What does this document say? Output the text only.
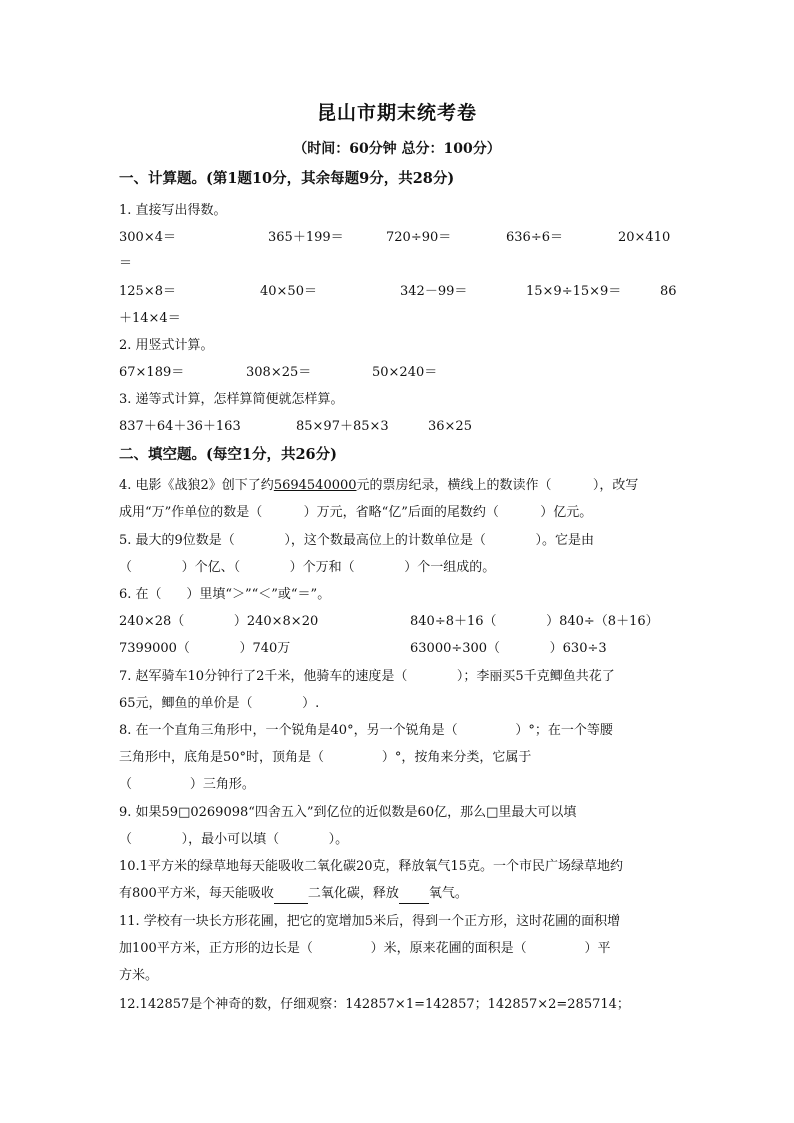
昆山市期末统考卷
（时间：60分钟 总分：100分）
一、计算题。(第1题10分，其余每题9分，共28分)
1. 直接写出得数。
300×4＝	365＋199＝	720÷90＝	636÷6＝	20×410
＝
125×8＝	40×50＝	342－99＝	15×9÷15×9＝	86
＋14×4＝
2. 用竖式计算。
67×189＝	308×25＝	50×240＝
3. 递等式计算，怎样算简便就怎样算。
837＋64＋36＋163	85×97＋85×3	36×25
二、填空题。(每空1分，共26分)
4. 电影《战狼2》创下了约5694540000元的票房纪录，横线上的数读作（          ），改写
成用“万”作单位的数是（          ）万元，省略“亿”后面的尾数约（          ）亿元。
5. 最大的9位数是（            ），这个数最高位上的计数单位是（            ）。它是由
（            ）个亿、（            ）个万和（            ）个一组成的。
6. 在（      ）里填“＞”“＜”或“＝”。
240×28（            ）240×8×20	840÷8＋16（            ）840÷（8＋16）
7399000（            ）740万	63000÷300（            ）630÷3
7. 赵军骑车10分钟行了2千米，他骑车的速度是（            ）；李丽买5千克鲫鱼共花了
65元，鲫鱼的单价是（            ）.
8. 在一个直角三角形中，一个锐角是40°，另一个锐角是（              ）°；在一个等腰
三角形中，底角是50°时，顶角是（              ）°，按角来分类，它属于
（              ）三角形。
9. 如果59□0269098“四舍五入”到亿位的近似数是60亿，那么□里最大可以填
（            ），最小可以填（            ）。
10.1平方米的绿草地每天能吸收二氧化碳20克，释放氧气15克。一个市民广场绿草地约
有800平方米，每天能吸收	二氧化碳，释放 氧气。
11. 学校有一块长方形花圃，把它的宽增加5米后，得到一个正方形，这时花圃的面积增
加100平方米，正方形的边长是（              ）米，原来花圃的面积是（              ）平
方米。
12.142857是个神奇的数，仔细观察：142857×1=142857；142857×2=285714；
